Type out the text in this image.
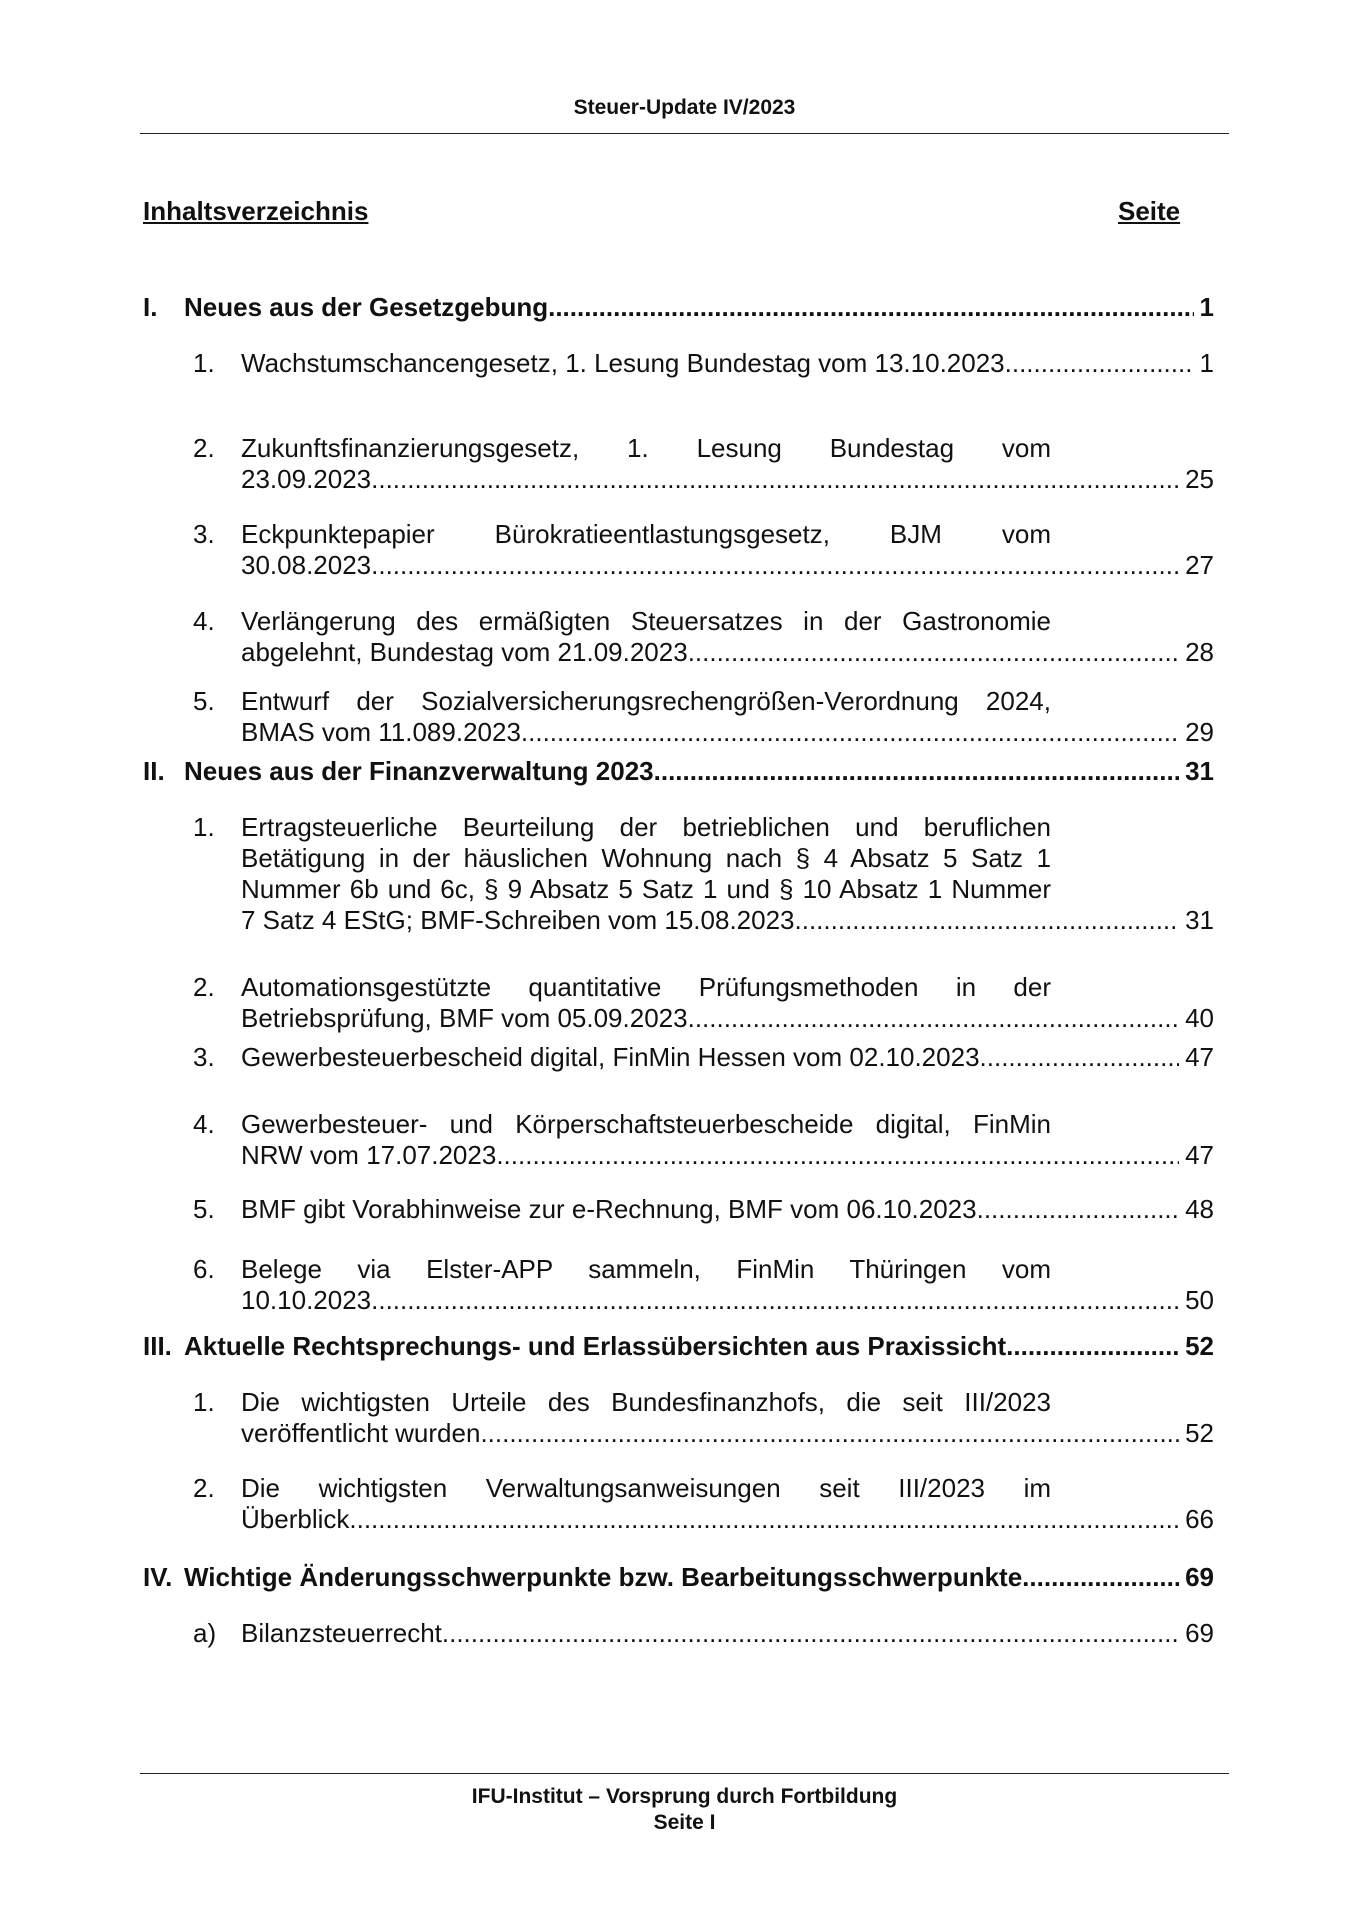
Steuer-Update IV/2023
Inhaltsverzeichnis	Seite
I. Neues aus der Gesetzgebung .....	1
1. Wachstumschancengesetz, 1. Lesung Bundestag vom 13.10.2023 .....	1
2. Zukunftsfinanzierungsgesetz, 1. Lesung Bundestag vom
23.09.2023 .....	25
3. Eckpunktepapier Bürokratieentlastungsgesetz, BJM vom
30.08.2023 .....	27
4. Verlängerung des ermäßigten Steuersatzes in der Gastronomie
abgelehnt, Bundestag vom 21.09.2023 .....	28
5. Entwurf der Sozialversicherungsrechengrößen-Verordnung 2024,
BMAS vom 11.089.2023 .....	29
II. Neues aus der Finanzverwaltung 2023 .....	31
1. Ertragsteuerliche Beurteilung der betrieblichen und beruflichen
Betätigung in der häuslichen Wohnung nach § 4 Absatz 5 Satz 1
Nummer 6b und 6c, § 9 Absatz 5 Satz 1 und § 10 Absatz 1 Nummer
7 Satz 4 EStG; BMF-Schreiben vom 15.08.2023 .....	31
2. Automationsgestützte quantitative Prüfungsmethoden in der
Betriebsprüfung, BMF vom 05.09.2023 .....	40
3. Gewerbesteuerbescheid digital, FinMin Hessen vom 02.10.2023 .....	47
4. Gewerbesteuer- und Körperschaftsteuerbescheide digital, FinMin
NRW vom 17.07.2023 .....	47
5. BMF gibt Vorabhinweise zur e-Rechnung, BMF vom 06.10.2023 .....	48
6. Belege via Elster-APP sammeln, FinMin Thüringen vom
10.10.2023 .....	50
III. Aktuelle Rechtsprechungs- und Erlassübersichten aus Praxissicht .....	52
1. Die wichtigsten Urteile des Bundesfinanzhofs, die seit III/2023
veröffentlicht wurden .....	52
2. Die wichtigsten Verwaltungsanweisungen seit III/2023 im
Überblick .....	66
IV. Wichtige Änderungsschwerpunkte bzw. Bearbeitungsschwerpunkte .....	69
a) Bilanzsteuerrecht .....	69
IFU-Institut – Vorsprung durch Fortbildung
Seite I
